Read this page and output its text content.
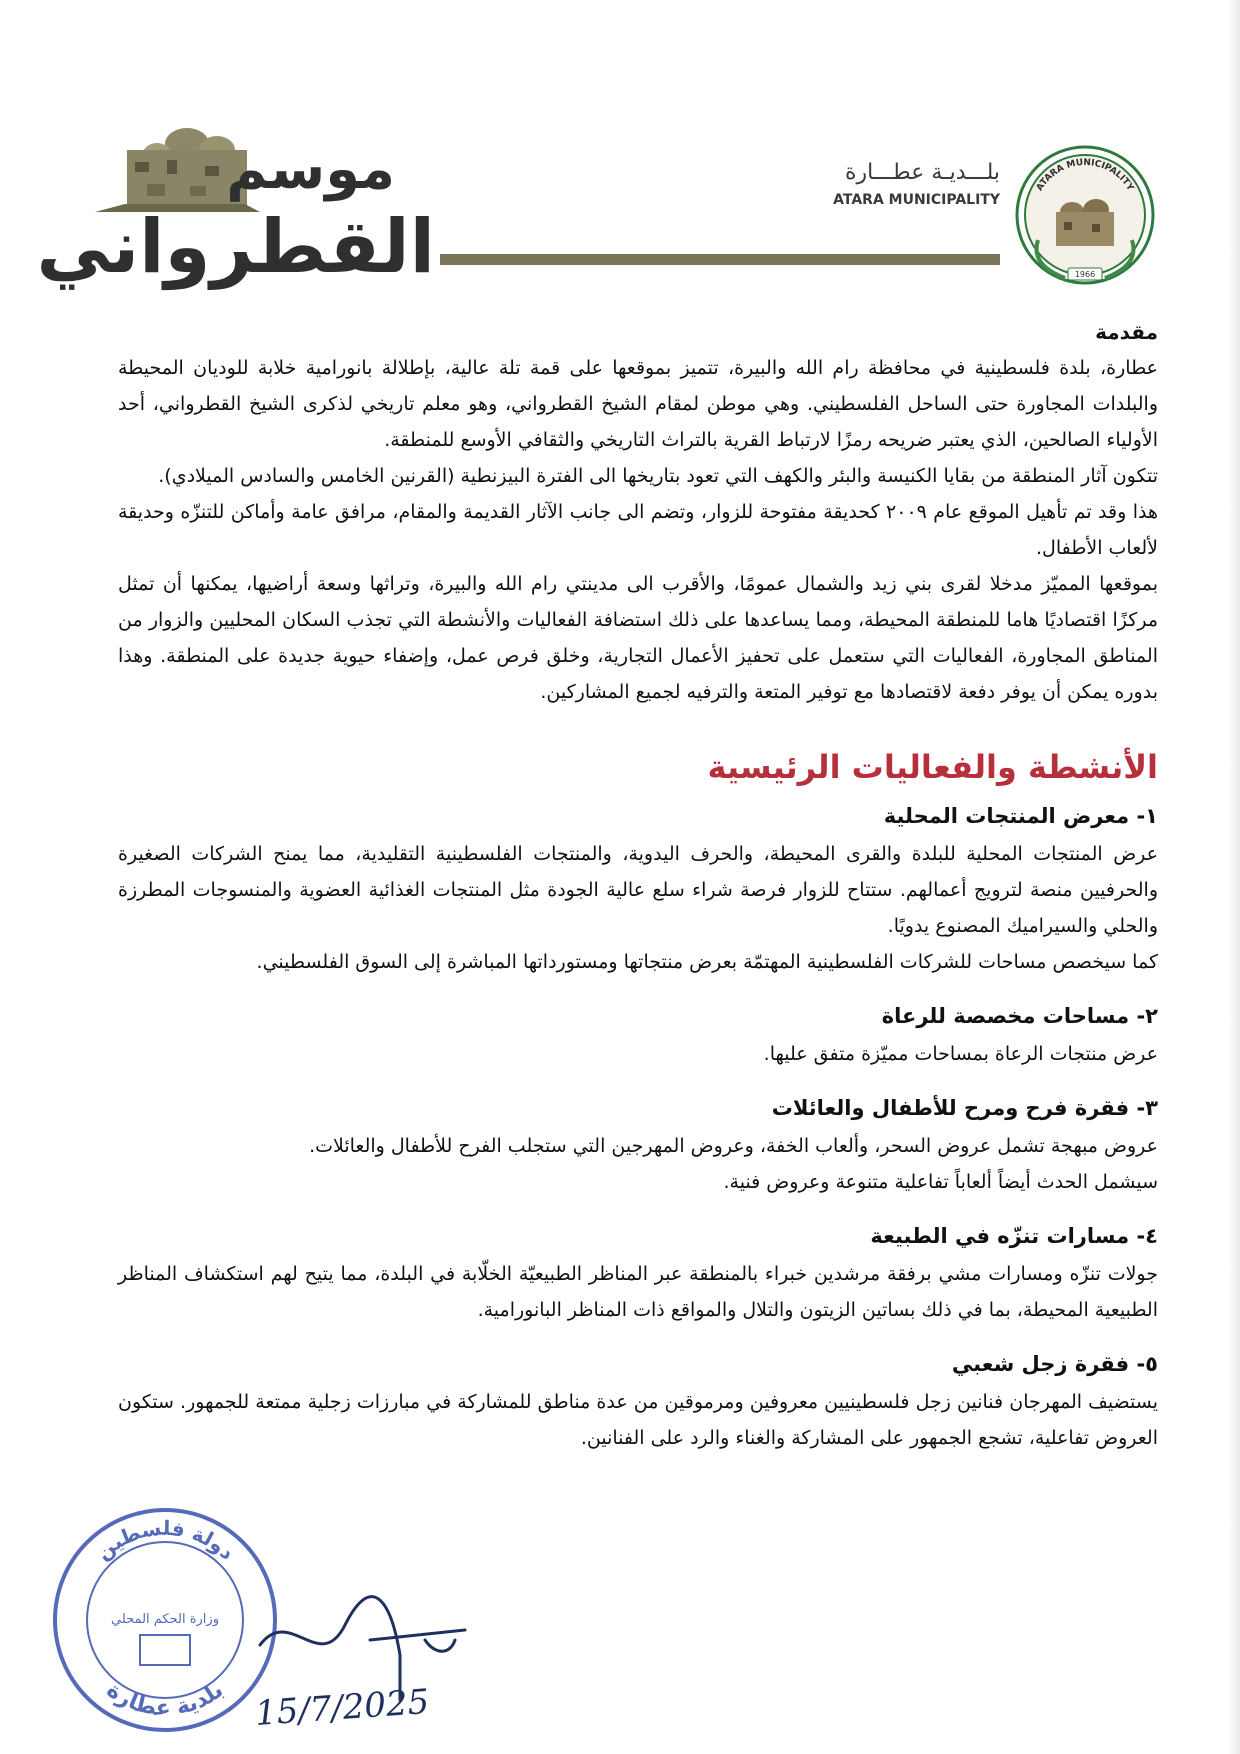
موسم
القطرواني
بلـــديـة عطـــارة
ATARA MUNICIPALITY
ATARA MUNICIPALITY
1966
مقدمة

عطارة، بلدة فلسطينية في محافظة رام الله والبيرة، تتميز بموقعها على قمة تلة عالية، بإطلالة بانورامية خلابة للوديان المحيطة والبلدات المجاورة حتى الساحل الفلسطيني. وهي موطن لمقام الشيخ القطرواني، وهو معلم تاريخي لذكرى الشيخ القطرواني، أحد الأولياء الصالحين، الذي يعتبر ضريحه رمزًا لارتباط القرية بالتراث التاريخي والثقافي الأوسع للمنطقة.

تتكون آثار المنطقة من بقايا الكنيسة والبئر والكهف التي تعود بتاريخها الى الفترة البيزنطية (القرنين الخامس والسادس الميلادي).

هذا وقد تم تأهيل الموقع عام ٢٠٠٩ كحديقة مفتوحة للزوار، وتضم الى جانب الآثار القديمة والمقام، مرافق عامة وأماكن للتنزّه وحديقة لألعاب الأطفال.

بموقعها المميّز مدخلا لقرى بني زيد والشمال عمومًا، والأقرب الى مدينتي رام الله والبيرة، وتراثها وسعة أراضيها، يمكنها أن تمثل مركزًا اقتصاديًا هاما للمنطقة المحيطة، ومما يساعدها على ذلك استضافة الفعاليات والأنشطة التي تجذب السكان المحليين والزوار من المناطق المجاورة، الفعاليات التي ستعمل على تحفيز الأعمال التجارية، وخلق فرص عمل، وإضفاء حيوية جديدة على المنطقة. وهذا بدوره يمكن أن يوفر دفعة لاقتصادها مع توفير المتعة والترفيه لجميع المشاركين.

الأنشطة والفعاليات الرئيسية
١- معرض المنتجات المحلية

عرض المنتجات المحلية للبلدة والقرى المحيطة، والحرف اليدوية، والمنتجات الفلسطينية التقليدية، مما يمنح الشركات الصغيرة والحرفيين منصة لترويج أعمالهم. ستتاح للزوار فرصة شراء سلع عالية الجودة مثل المنتجات الغذائية العضوية والمنسوجات المطرزة والحلي والسيراميك المصنوع يدويًا.

كما سيخصص مساحات للشركات الفلسطينية المهتمّة بعرض منتجاتها ومستورداتها المباشرة إلى السوق الفلسطيني.

٢- مساحات مخصصة للرعاة

عرض منتجات الرعاة بمساحات مميّزة متفق عليها.

٣- فقرة فرح ومرح للأطفال والعائلات

عروض مبهجة تشمل عروض السحر، وألعاب الخفة، وعروض المهرجين التي ستجلب الفرح للأطفال والعائلات.

سيشمل الحدث أيضاً ألعاباً تفاعلية متنوعة وعروض فنية.

٤- مسارات تنزّه في الطبيعة

جولات تنزّه ومسارات مشي برفقة مرشدين خبراء بالمنطقة عبر المناظر الطبيعيّة الخلّابة في البلدة، مما يتيح لهم استكشاف المناظر الطبيعية المحيطة، بما في ذلك بساتين الزيتون والتلال والمواقع ذات المناظر البانورامية.

٥- فقرة زجل شعبي

يستضيف المهرجان فنانين زجل فلسطينيين معروفين ومرموقين من عدة مناطق للمشاركة في مبارزات زجلية ممتعة للجمهور. ستكون العروض تفاعلية، تشجع الجمهور على المشاركة والغناء والرد على الفنانين.

دولة فلسطين
بلدية عطارة
وزارة الحكم المحلي
15/7/2025
